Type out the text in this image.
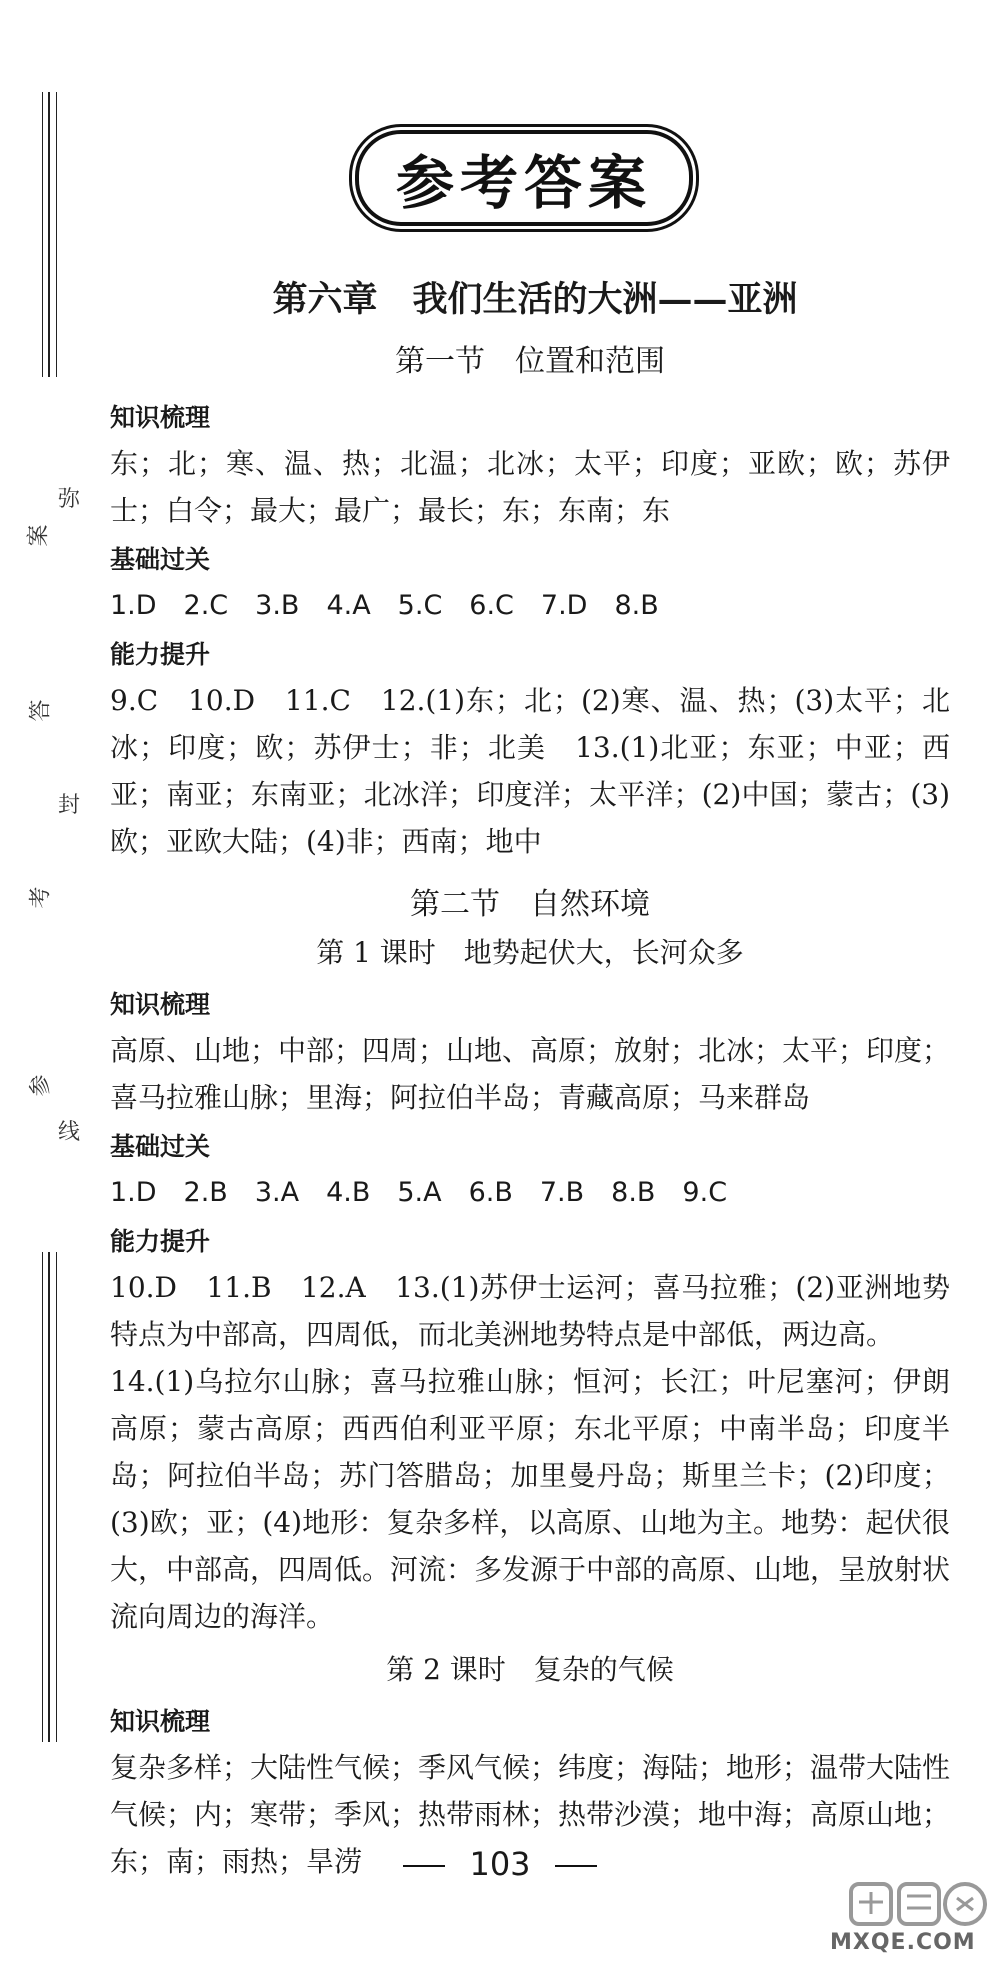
弥
案
答
封
考
参
线
参考答案
第六章　我们生活的大洲——亚洲
第一节　位置和范围
知识梳理
东；北；寒、温、热；北温；北冰；太平；印度；亚欧；欧；苏伊士；白令；最大；最广；最长；东；东南；东
基础过关
1.D　2.C　3.B　4.A　5.C　6.C　7.D　8.B
能力提升
9.C　10.D　11.C　12.(1)东；北；(2)寒、温、热；(3)太平；北冰；印度；欧；苏伊士；非；北美　13.(1)北亚；东亚；中亚；西亚；南亚；东南亚；北冰洋；印度洋；太平洋；(2)中国；蒙古；(3)欧；亚欧大陆；(4)非；西南；地中
第二节　自然环境
第 1 课时　地势起伏大，长河众多
知识梳理
高原、山地；中部；四周；山地、高原；放射；北冰；太平；印度；喜马拉雅山脉；里海；阿拉伯半岛；青藏高原；马来群岛
基础过关
1.D　2.B　3.A　4.B　5.A　6.B　7.B　8.B　9.C
能力提升
10.D　11.B　12.A　13.(1)苏伊士运河；喜马拉雅；(2)亚洲地势特点为中部高，四周低，而北美洲地势特点是中部低，两边高。
14.(1)乌拉尔山脉；喜马拉雅山脉；恒河；长江；叶尼塞河；伊朗高原；蒙古高原；西西伯利亚平原；东北平原；中南半岛；印度半岛；阿拉伯半岛；苏门答腊岛；加里曼丹岛；斯里兰卡；(2)印度；(3)欧；亚；(4)地形：复杂多样，以高原、山地为主。地势：起伏很大，中部高，四周低。河流：多发源于中部的高原、山地，呈放射状流向周边的海洋。
第 2 课时　复杂的气候
知识梳理
复杂多样；大陆性气候；季风气候；纬度；海陆；地形；温带大陆性气候；内；寒带；季风；热带雨林；热带沙漠；地中海；高原山地；东；南；雨热；旱涝	103
MXQE.COM
